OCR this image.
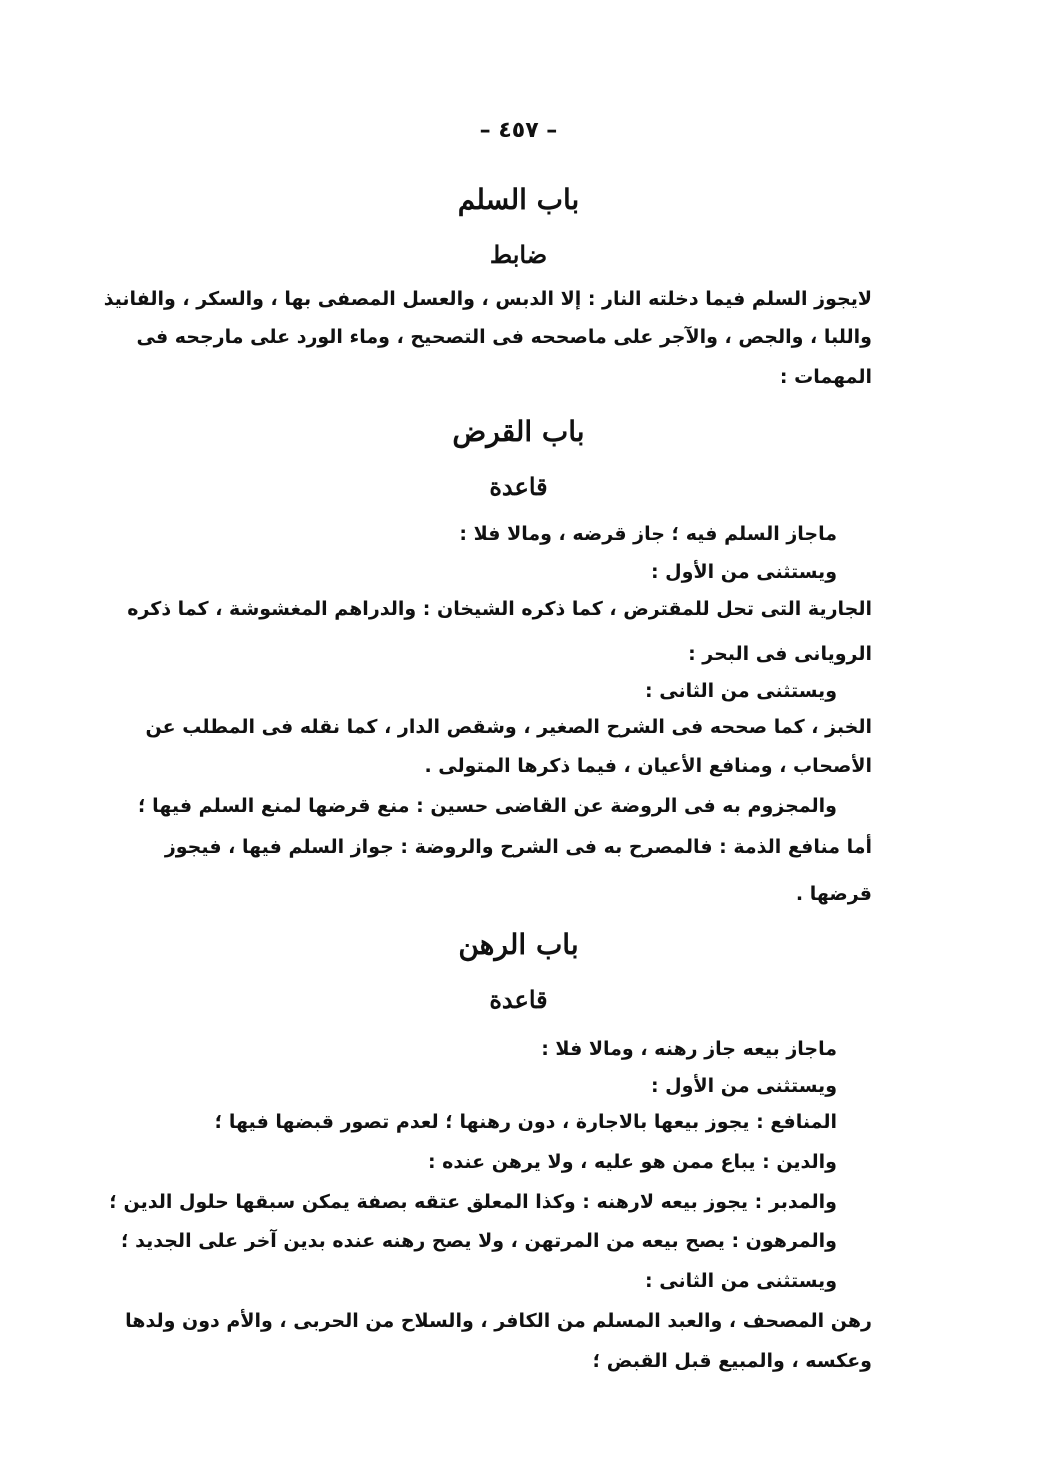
– ٤٥٧ –
باب السلم
ضابط
لايجوز السلم فيما دخلته النار : إلا الدبس ، والعسل المصفى بها ، والسكر ، والفانيذ
واللبا ، والجص ، والآجر على ماصححه فى التصحيح ، وماء الورد على مارجحه فى
المهمات :
باب القرض
قاعدة
ماجاز السلم فيه ؛ جاز قرضه ، ومالا فلا :
ويستثنى من الأول :
الجارية التى تحل للمقترض ، كما ذكره الشيخان : والدراهم المغشوشة ، كما ذكره
الرويانى فى البحر :
ويستثنى من الثانى :
الخبز ، كما صححه فى الشرح الصغير ، وشقص الدار ، كما نقله فى المطلب عن
الأصحاب ، ومنافع الأعيان ، فيما ذكرها المتولى .
والمجزوم به فى الروضة عن القاضى حسين : منع قرضها لمنع السلم فيها ؛
أما منافع الذمة : فالمصرح به فى الشرح والروضة : جواز السلم فيها ، فيجوز
قرضها .
باب الرهن
قاعدة
ماجاز بيعه جاز رهنه ، ومالا فلا :
ويستثنى من الأول :
المنافع : يجوز بيعها بالاجارة ، دون رهنها ؛ لعدم تصور قبضها فيها ؛
والدين : يباع ممن هو عليه ، ولا يرهن عنده :
والمدبر : يجوز بيعه لارهنه : وكذا المعلق عتقه بصفة يمكن سبقها حلول الدين ؛
والمرهون : يصح بيعه من المرتهن ، ولا يصح رهنه عنده بدين آخر على الجديد ؛
ويستثنى من الثانى :
رهن المصحف ، والعبد المسلم من الكافر ، والسلاح من الحربى ، والأم دون ولدها
وعكسه ، والمبيع قبل القبض ؛
